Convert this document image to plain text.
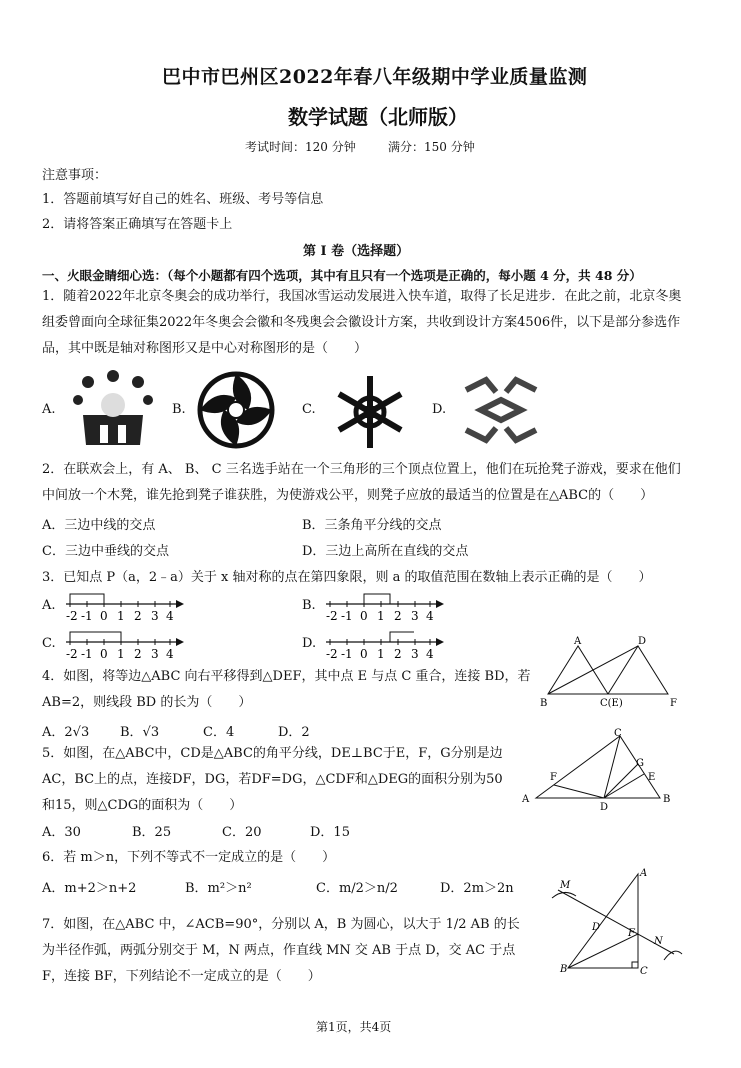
巴中市巴州区2022年春八年级期中学业质量监测
数学试题（北师版）
考试时间：120 分钟	满分：150 分钟
注意事项：
1．答题前填写好自己的姓名、班级、考号等信息
2．请将答案正确填写在答题卡上
第 I 卷（选择题）
一、火眼金睛细心选：（每个小题都有四个选项，其中有且只有一个选项是正确的，每小题 4 分，共 48 分）
1．随着2022年北京冬奥会的成功举行，我国冰雪运动发展进入快车道，取得了长足进步．在此之前，北京冬奥组委曾面向全球征集2022年冬奥会会徽和冬残奥会会徽设计方案，共收到设计方案4506件，以下是部分参选作品，其中既是轴对称图形又是中心对称图形的是（　　）
A.	B.	C.	D.
2．在联欢会上，有 A、 B、 C 三名选手站在一个三角形的三个顶点位置上，他们在玩抢凳子游戏，要求在他们中间放一个木凳，谁先抢到凳子谁获胜，为使游戏公平，则凳子应放的最适当的位置是在△ABC的（　　）
A．三边中线的交点	B．三条角平分线的交点
C．三边中垂线的交点	D．三边上高所在直线的交点
3．已知点 P（a，2﹣a）关于 x 轴对称的点在第四象限，则 a 的取值范围在数轴上表示正确的是（　　）
A.
-2 -1 0 1 2 3 4
B.
-2 -1 0 1 2 3 4
C.
-2 -1 0 1 2 3 4
D.
-2 -1 0 1 2 3 4
4．如图，将等边△ABC 向右平移得到△DEF，其中点 E 与点 C 重合，连接 BD，若 AB=2，则线段 BD 的长为（　　）
A．2√3 B．√3	C．4	D．2
A	D
B	C(E)	F
5．如图，在△ABC中，CD是△ABC的角平分线，DE⊥BC于E，F，G分别是边AC，BC上的点，连接DF，DG，若DF=DG，△CDF和△DEG的面积分别为50和15，则△CDG的面积为（　　）
A．30	B．25	C．20	D．15
C
G
E
F
A
D
B
6．若 m＞n，下列不等式不一定成立的是（　　）
A．m+2＞n+2	B．m²＞n²	C．m/2＞n/2	D．2m＞2n
7．如图，在△ABC 中，∠ACB=90°，分别以 A，B 为圆心，以大于 1/2 AB 的长为半径作弧，两弧分别交于 M，N 两点，作直线 MN 交 AB 于点 D，交 AC 于点 F，连接 BF，下列结论不一定成立的是（　　）
M
A
D
F
N
B	C
第1页，共4页
